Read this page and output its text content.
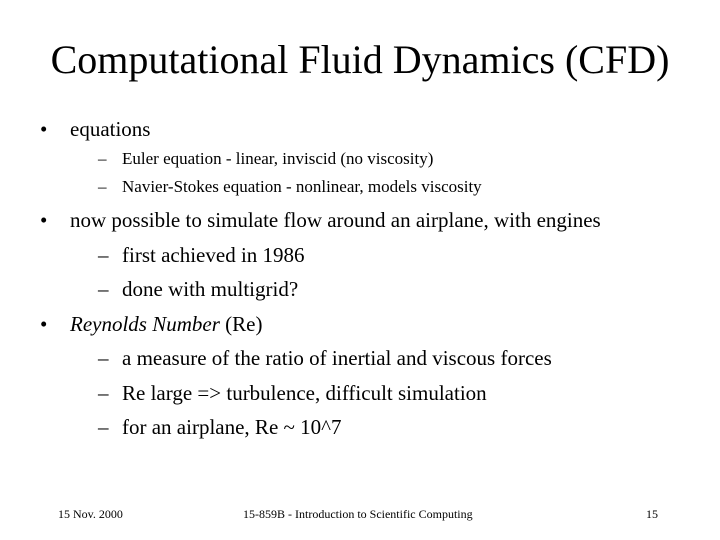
Computational Fluid Dynamics (CFD)
• equations
– Euler equation - linear, inviscid (no viscosity)
– Navier-Stokes equation - nonlinear, models viscosity
• now possible to simulate flow around an airplane, with engines
– first achieved in 1986
– done with multigrid?
• Reynolds Number (Re)
– a measure of the ratio of inertial and viscous forces
– Re large => turbulence, difficult simulation
– for an airplane, Re ~ 10^7
15 Nov. 2000	15-859B - Introduction to Scientific Computing	15
